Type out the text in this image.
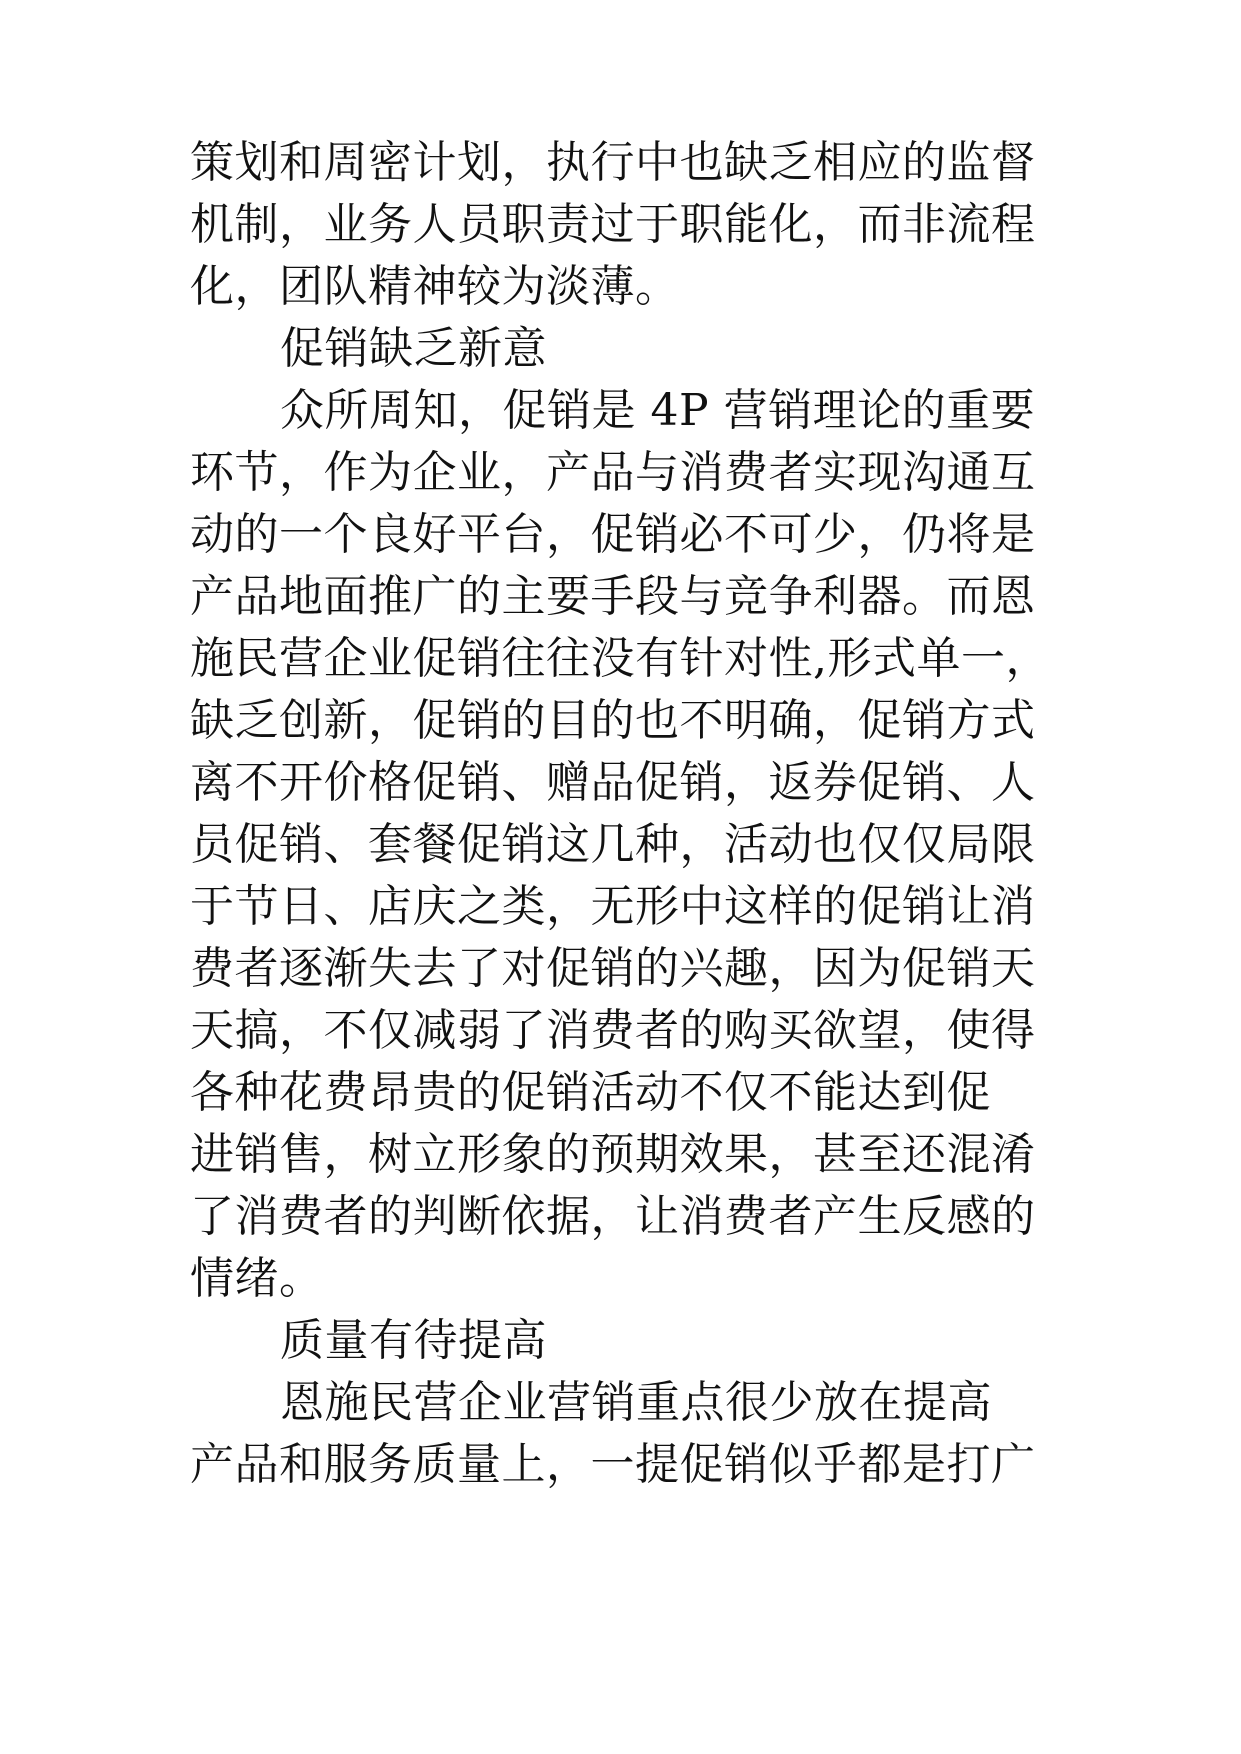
策划和周密计划，执行中也缺乏相应的监督
机制，业务人员职责过于职能化，而非流程
化，团队精神较为淡薄。
促销缺乏新意
众所周知，促销是 4P 营销理论的重要
环节，作为企业，产品与消费者实现沟通互
动的一个良好平台，促销必不可少，仍将是
产品地面推广的主要手段与竞争利器。而恩
施民营企业促销往往没有针对性,形式单一，
缺乏创新，促销的目的也不明确，促销方式
离不开价格促销、赠品促销，返券促销、人
员促销、套餐促销这几种，活动也仅仅局限
于节日、店庆之类，无形中这样的促销让消
费者逐渐失去了对促销的兴趣，因为促销天
天搞，不仅减弱了消费者的购买欲望，使得
各种花费昂贵的促销活动不仅不能达到促
进销售，树立形象的预期效果，甚至还混淆
了消费者的判断依据，让消费者产生反感的
情绪。
质量有待提高
恩施民营企业营销重点很少放在提高
产品和服务质量上，一提促销似乎都是打广
